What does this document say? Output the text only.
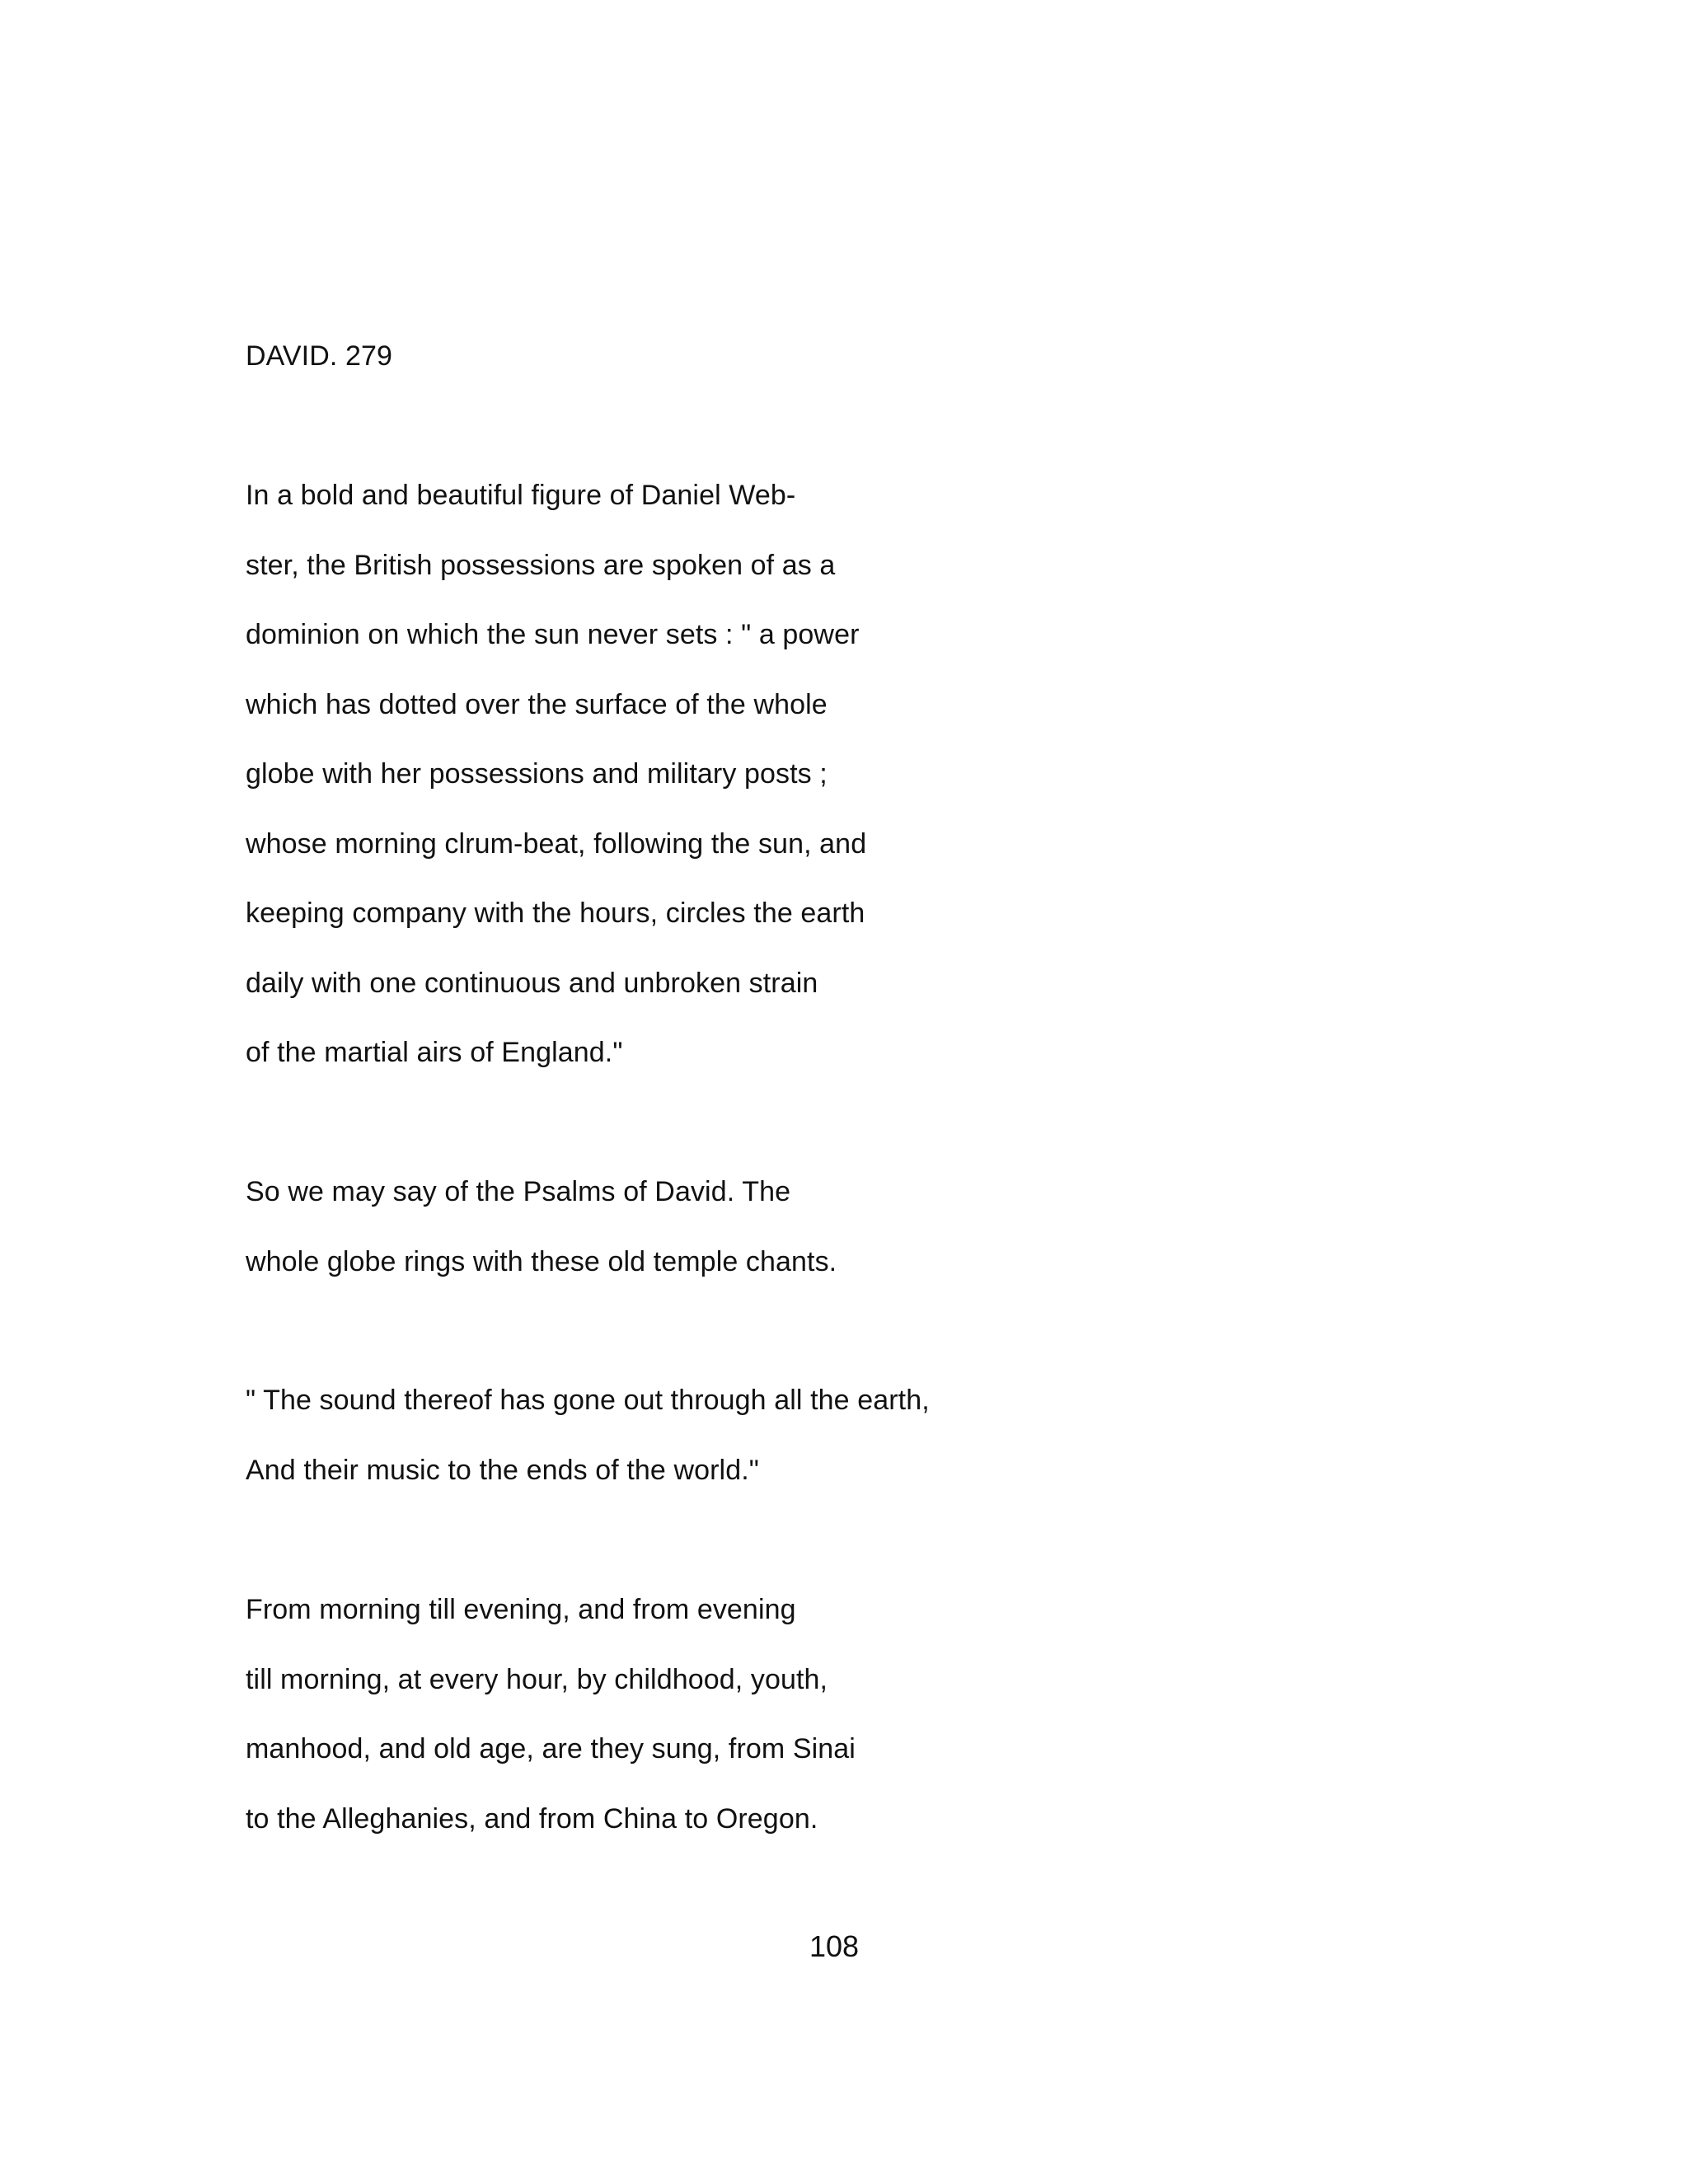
DAVID. 279
In a bold and beautiful figure of Daniel Web-
ster, the British possessions are spoken of as a
dominion on which the sun never sets : " a power
which has dotted over the surface of the whole
globe with her possessions and military posts ;
whose morning clrum-beat, following the sun, and
keeping company with the hours, circles the earth
daily with one continuous and unbroken strain
of the martial airs of England."
So we may say of the Psalms of David. The
whole globe rings with these old temple chants.
" The sound thereof has gone out through all the earth,
And their music to the ends of the world."
From morning till evening, and from evening
till morning, at every hour, by childhood, youth,
manhood, and old age, are they sung, from Sinai
to the Alleghanies, and from China to Oregon.
108
